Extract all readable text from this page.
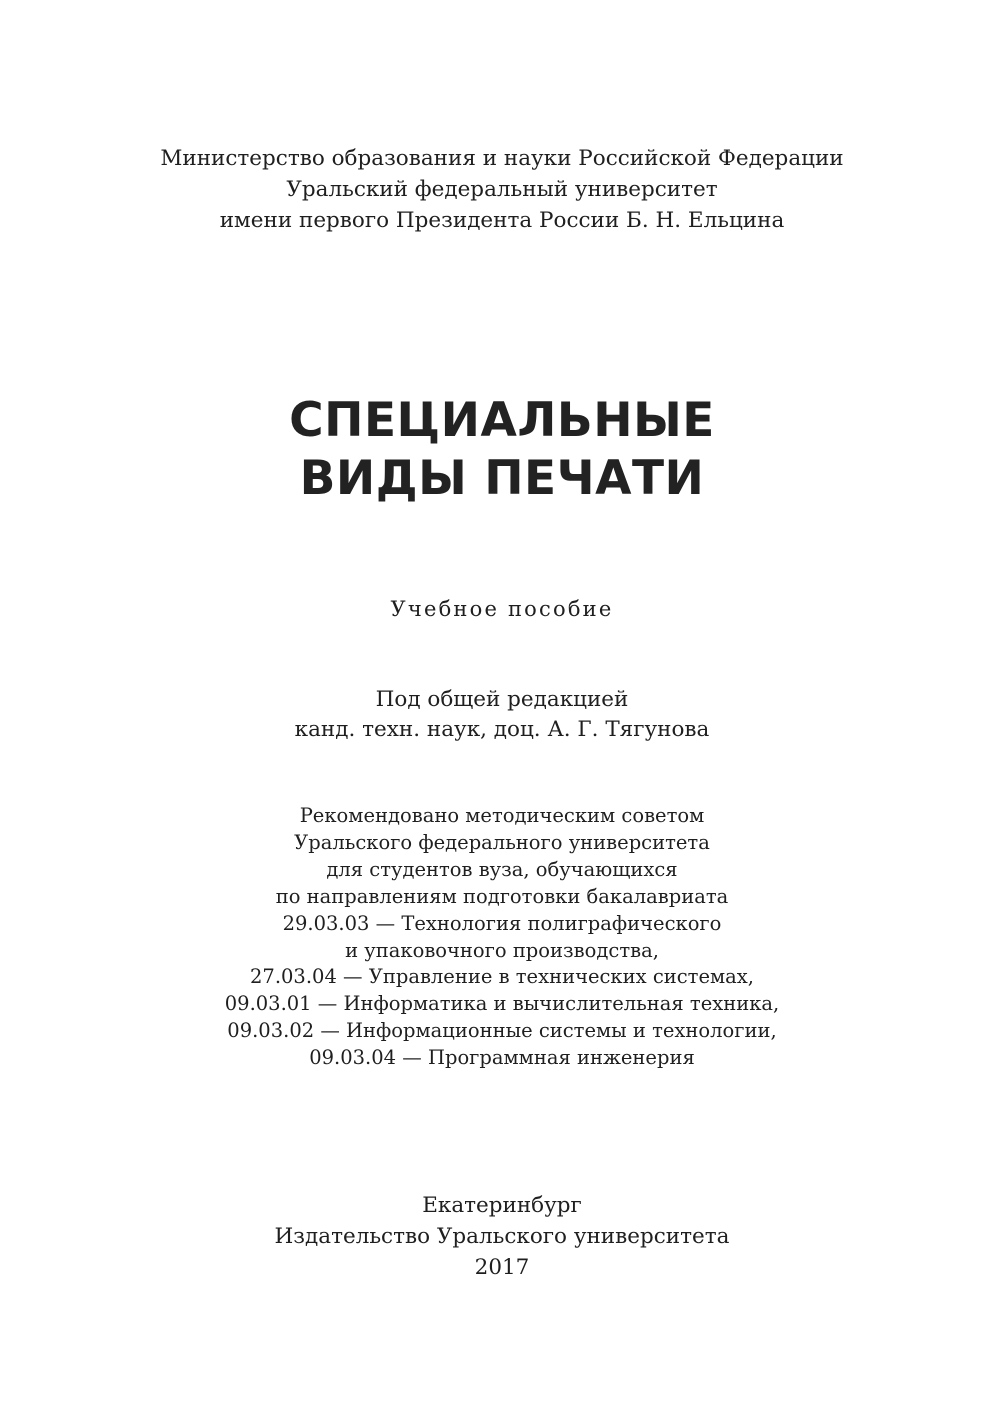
Министерство образования и науки Российской Федерации
Уральский федеральный университет
имени первого Президента России Б. Н. Ельцина
СПЕЦИАЛЬНЫЕ
ВИДЫ ПЕЧАТИ
Учебное пособие
Под общей редакцией
канд. техн. наук, доц. А. Г. Тягунова
Рекомендовано методическим советом
Уральского федерального университета
для студентов вуза, обучающихся
по направлениям подготовки бакалавриата
29.03.03 — Технология полиграфического
и упаковочного производства,
27.03.04 — Управление в технических системах,
09.03.01 — Информатика и вычислительная техника,
09.03.02 — Информационные системы и технологии,
09.03.04 — Программная инженерия
Екатеринбург
Издательство Уральского университета
2017
